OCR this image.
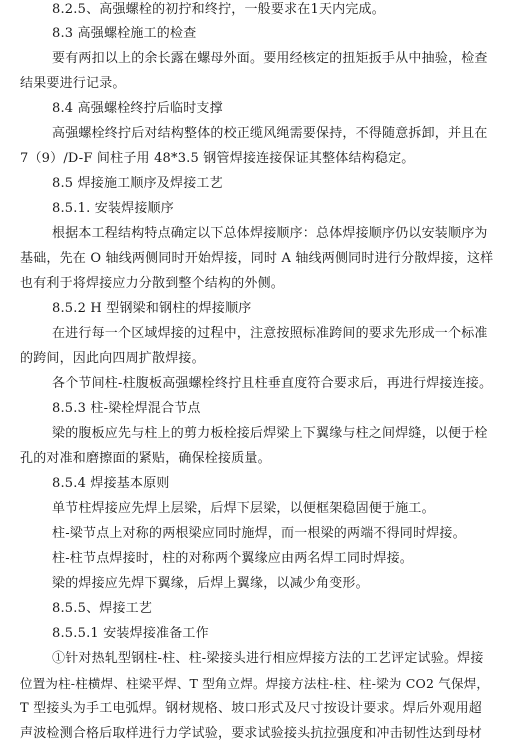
8.2.5、高强螺栓的初拧和终拧，一般要求在1天内完成。
8.3 高强螺栓施工的检查
要有两扣以上的余长露在螺母外面。要用经核定的扭矩扳手从中抽验，检查
结果要进行记录。
8.4 高强螺栓终拧后临时支撑
高强螺栓终拧后对结构整体的校正缆风绳需要保持，不得随意拆卸，并且在
7（9）/D-F 间柱子用 48*3.5 钢管焊接连接保证其整体结构稳定。
8.5 焊接施工顺序及焊接工艺
8.5.1. 安装焊接顺序
根据本工程结构特点确定以下总体焊接顺序：总体焊接顺序仍以安装顺序为
基础，先在 O 轴线两侧同时开始焊接，同时 A 轴线两侧同时进行分散焊接，这样
也有利于将焊接应力分散到整个结构的外侧。
8.5.2 H 型钢梁和钢柱的焊接顺序
在进行每一个区域焊接的过程中，注意按照标准跨间的要求先形成一个标准
的跨间，因此向四周扩散焊接。
各个节间柱-柱腹板高强螺栓终拧且柱垂直度符合要求后，再进行焊接连接。
8.5.3 柱-梁栓焊混合节点
梁的腹板应先与柱上的剪力板栓接后焊梁上下翼缘与柱之间焊缝，以便于栓
孔的对准和磨擦面的紧贴，确保栓接质量。
8.5.4 焊接基本原则
单节柱焊接应先焊上层梁，后焊下层梁，以便框架稳固便于施工。
柱-梁节点上对称的两根梁应同时施焊，而一根梁的两端不得同时焊接。
柱-柱节点焊接时，柱的对称两个翼缘应由两名焊工同时焊接。
梁的焊接应先焊下翼缘，后焊上翼缘，以减少角变形。
8.5.5、焊接工艺
8.5.5.1 安装焊接准备工作
①针对热轧型钢柱-柱、柱-梁接头进行相应焊接方法的工艺评定试验。焊接
位置为柱-柱横焊、柱梁平焊、T 型角立焊。焊接方法柱-柱、柱-梁为 CO2 气保焊，
T 型接头为手工电弧焊。钢材规格、坡口形式及尺寸按设计要求。焊后外观用超
声波检测合格后取样进行力学试验，要求试验接头抗拉强度和冲击韧性达到母材
